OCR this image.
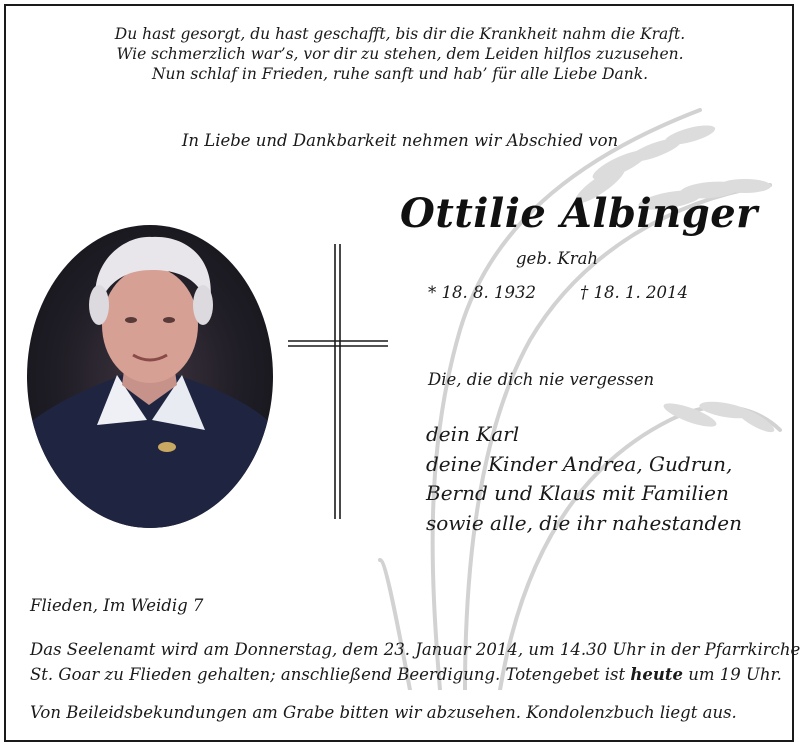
Du hast gesorgt, du hast geschafft, bis dir die Krankheit nahm die Kraft.
Wie schmerzlich war’s, vor dir zu stehen, dem Leiden hilflos zuzusehen.
Nun schlaf in Frieden, ruhe sanft und hab’ für alle Liebe Dank.
In Liebe und Dankbarkeit nehmen wir Abschied von
Ottilie Albinger
geb. Krah
* 18. 8. 1932	† 18. 1. 2014
Die, die dich nie vergessen
dein Karl
deine Kinder Andrea, Gudrun,
Bernd und Klaus mit Familien
sowie alle, die ihr nahestanden
Flieden, Im Weidig 7
Das Seelenamt wird am Donnerstag, dem 23. Januar 2014, um 14.30 Uhr in der Pfarrkirche
St. Goar zu Flieden gehalten; anschließend Beerdigung. Totengebet ist heute um 19 Uhr.
Von Beileidsbekundungen am Grabe bitten wir abzusehen. Kondolenzbuch liegt aus.
